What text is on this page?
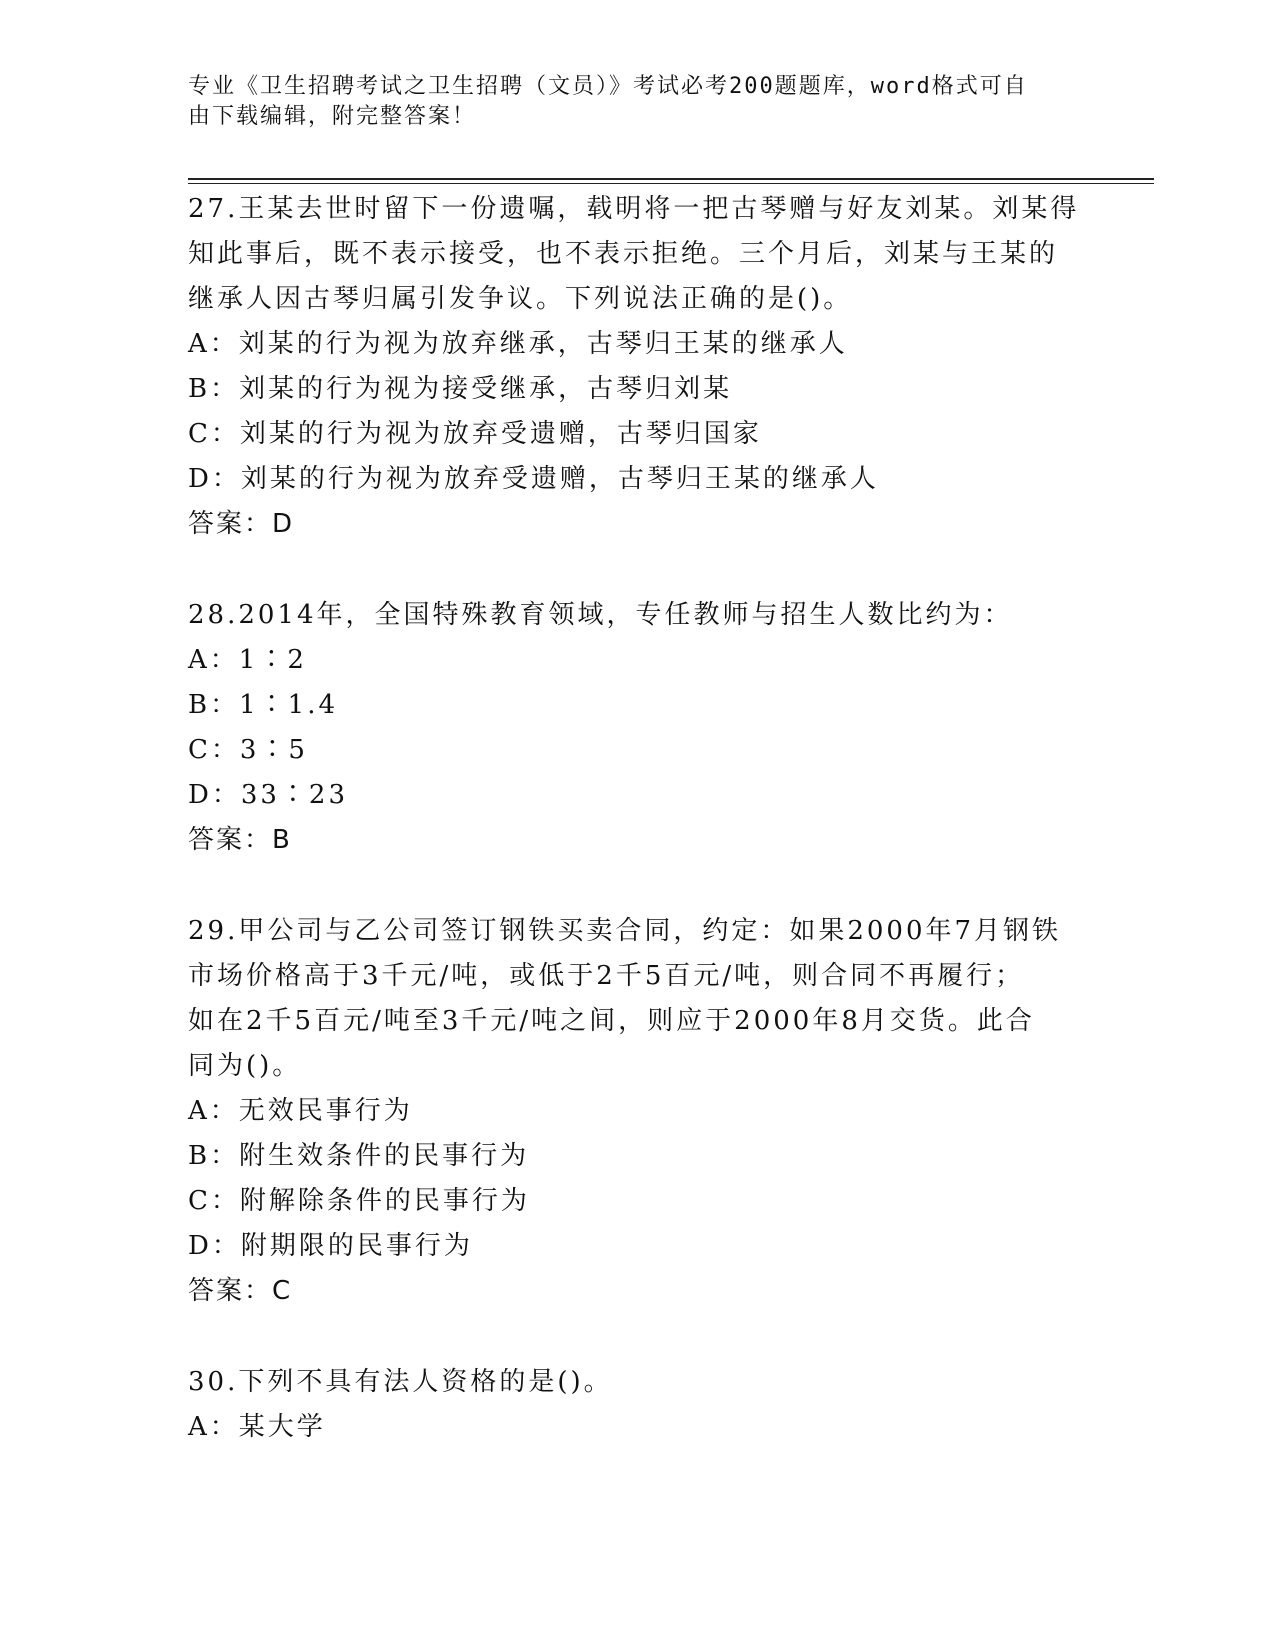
专业《卫生招聘考试之卫生招聘（文员）》考试必考200题题库，word格式可自
由下载编辑，附完整答案！
27.王某去世时留下一份遗嘱，载明将一把古琴赠与好友刘某。刘某得
知此事后，既不表示接受，也不表示拒绝。三个月后，刘某与王某的
继承人因古琴归属引发争议。下列说法正确的是()。
A：刘某的行为视为放弃继承，古琴归王某的继承人
B：刘某的行为视为接受继承，古琴归刘某
C：刘某的行为视为放弃受遗赠，古琴归国家
D：刘某的行为视为放弃受遗赠，古琴归王某的继承人
答案：D
28.2014年，全国特殊教育领域，专任教师与招生人数比约为：
A：1∶2
B：1∶1.4
C：3∶5
D：33∶23
答案：B
29.甲公司与乙公司签订钢铁买卖合同，约定：如果2000年7月钢铁
市场价格高于3千元/吨，或低于2千5百元/吨，则合同不再履行；
如在2千5百元/吨至3千元/吨之间，则应于2000年8月交货。此合
同为()。
A：无效民事行为
B：附生效条件的民事行为
C：附解除条件的民事行为
D：附期限的民事行为
答案：C
30.下列不具有法人资格的是()。
A：某大学
